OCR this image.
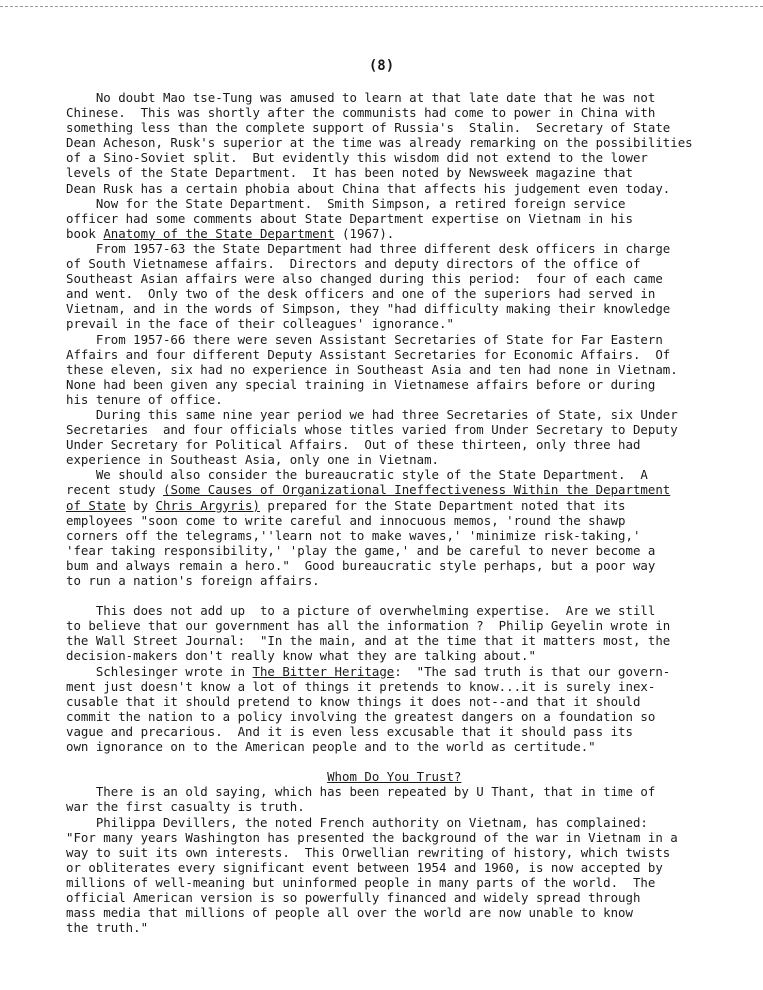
(8)
No doubt Mao tse-Tung was amused to learn at that late date that he was not
Chinese.  This was shortly after the communists had come to power in China with
something less than the complete support of Russia's  Stalin.  Secretary of State
Dean Acheson, Rusk's superior at the time was already remarking on the possibilities
of a Sino-Soviet split.  But evidently this wisdom did not extend to the lower
levels of the State Department.  It has been noted by Newsweek magazine that
Dean Rusk has a certain phobia about China that affects his judgement even today.
Now for the State Department.  Smith Simpson, a retired foreign service
officer had some comments about State Department expertise on Vietnam in his
book Anatomy of the State Department (1967).
From 1957-63 the State Department had three different desk officers in charge
of South Vietnamese affairs.  Directors and deputy directors of the office of
Southeast Asian affairs were also changed during this period:  four of each came
and went.  Only two of the desk officers and one of the superiors had served in
Vietnam, and in the words of Simpson, they "had difficulty making their knowledge
prevail in the face of their colleagues' ignorance."
From 1957-66 there were seven Assistant Secretaries of State for Far Eastern
Affairs and four different Deputy Assistant Secretaries for Economic Affairs.  Of
these eleven, six had no experience in Southeast Asia and ten had none in Vietnam.
None had been given any special training in Vietnamese affairs before or during
his tenure of office.
During this same nine year period we had three Secretaries of State, six Under
Secretaries  and four officials whose titles varied from Under Secretary to Deputy
Under Secretary for Political Affairs.  Out of these thirteen, only three had
experience in Southeast Asia, only one in Vietnam.
We should also consider the bureaucratic style of the State Department.  A
recent study (Some Causes of Organizational Ineffectiveness Within the Department
of State by Chris Argyris) prepared for the State Department noted that its
employees "soon come to write careful and innocuous memos, 'round the shawp
corners off the telegrams,''learn not to make waves,' 'minimize risk-taking,'
'fear taking responsibility,' 'play the game,' and be careful to never become a
bum and always remain a hero."  Good bureaucratic style perhaps, but a poor way
to run a nation's foreign affairs.
This does not add up  to a picture of overwhelming expertise.  Are we still
to believe that our government has all the information ?  Philip Geyelin wrote in
the Wall Street Journal:  "In the main, and at the time that it matters most, the
decision-makers don't really know what they are talking about."
Schlesinger wrote in The Bitter Heritage:  "The sad truth is that our govern-
ment just doesn't know a lot of things it pretends to know...it is surely inex-
cusable that it should pretend to know things it does not--and that it should
commit the nation to a policy involving the greatest dangers on a foundation so
vague and precarious.  And it is even less excusable that it should pass its
own ignorance on to the American people and to the world as certitude."
Whom Do You Trust?
There is an old saying, which has been repeated by U Thant, that in time of
war the first casualty is truth.
Philippa Devillers, the noted French authority on Vietnam, has complained:
"For many years Washington has presented the background of the war in Vietnam in a
way to suit its own interests.  This Orwellian rewriting of history, which twists
or obliterates every significant event between 1954 and 1960, is now accepted by
millions of well-meaning but uninformed people in many parts of the world.  The
official American version is so powerfully financed and widely spread through
mass media that millions of people all over the world are now unable to know
the truth."
